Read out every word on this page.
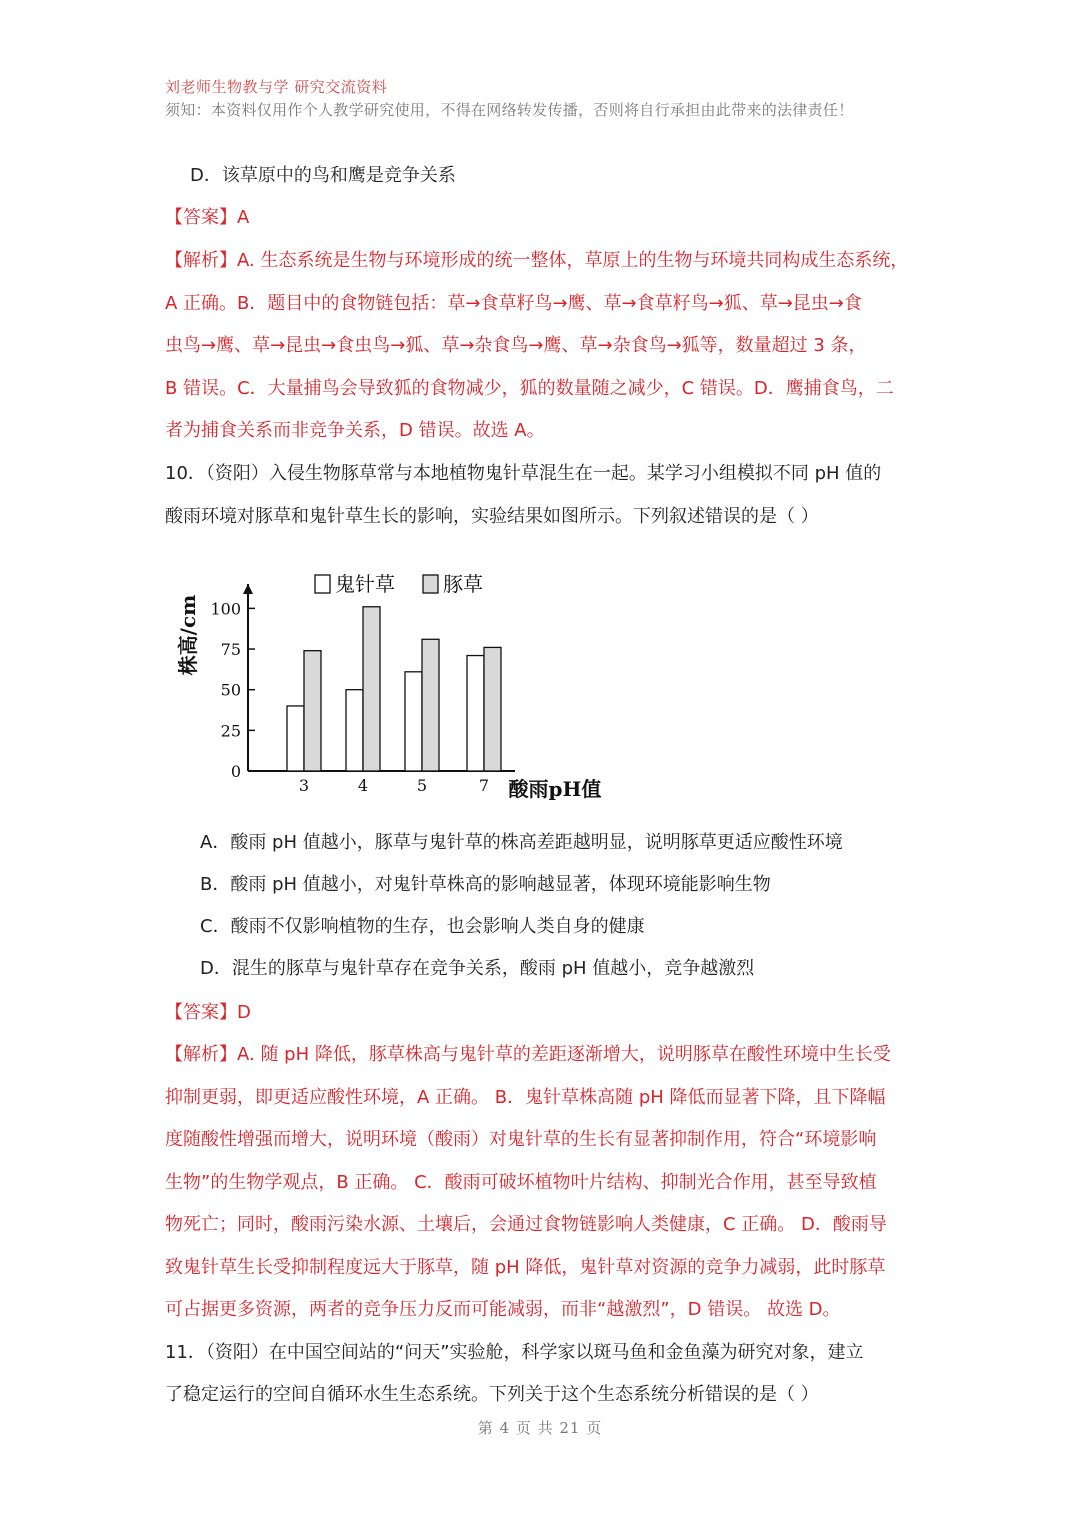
刘老师生物教与学 研究交流资料
须知：本资料仅用作个人教学研究使用，不得在网络转发传播，否则将自行承担由此带来的法律责任！
D．该草原中的鸟和鹰是竞争关系
【答案】A
【解析】A. 生态系统是生物与环境形成的统一整体，草原上的生物与环境共同构成生态系统，
A 正确。B．题目中的食物链包括：草→食草籽鸟→鹰、草→食草籽鸟→狐、草→昆虫→食
虫鸟→鹰、草→昆虫→食虫鸟→狐、草→杂食鸟→鹰、草→杂食鸟→狐等，数量超过 3 条，
B 错误。C．大量捕鸟会导致狐的食物减少，狐的数量随之减少，C 错误。D．鹰捕食鸟，二
者为捕食关系而非竞争关系，D 错误。故选 A。
10．（资阳）入侵生物豚草常与本地植物鬼针草混生在一起。某学习小组模拟不同 pH 值的
酸雨环境对豚草和鬼针草生长的影响，实验结果如图所示。下列叙述错误的是（ ）
鬼针草 豚草
0
25
50
75
100
3	4	5	7
株高/cm
酸雨pH值
A．酸雨 pH 值越小，豚草与鬼针草的株高差距越明显，说明豚草更适应酸性环境
B．酸雨 pH 值越小，对鬼针草株高的影响越显著，体现环境能影响生物
C．酸雨不仅影响植物的生存，也会影响人类自身的健康
D．混生的豚草与鬼针草存在竞争关系，酸雨 pH 值越小，竞争越激烈
【答案】D
【解析】A. 随 pH 降低，豚草株高与鬼针草的差距逐渐增大，说明豚草在酸性环境中生长受
抑制更弱，即更适应酸性环境，A 正确。 B．鬼针草株高随 pH 降低而显著下降，且下降幅
度随酸性增强而增大，说明环境（酸雨）对鬼针草的生长有显著抑制作用，符合“环境影响
生物”的生物学观点，B 正确。 C．酸雨可破坏植物叶片结构、抑制光合作用，甚至导致植
物死亡；同时，酸雨污染水源、土壤后，会通过食物链影响人类健康，C 正确。 D．酸雨导
致鬼针草生长受抑制程度远大于豚草，随 pH 降低，鬼针草对资源的竞争力减弱，此时豚草
可占据更多资源，两者的竞争压力反而可能减弱，而非“越激烈”，D 错误。 故选 D。
11．（资阳）在中国空间站的“问天”实验舱，科学家以斑马鱼和金鱼藻为研究对象，建立
了稳定运行的空间自循环水生生态系统。下列关于这个生态系统分析错误的是（ ）
第 4 页 共 21 页
